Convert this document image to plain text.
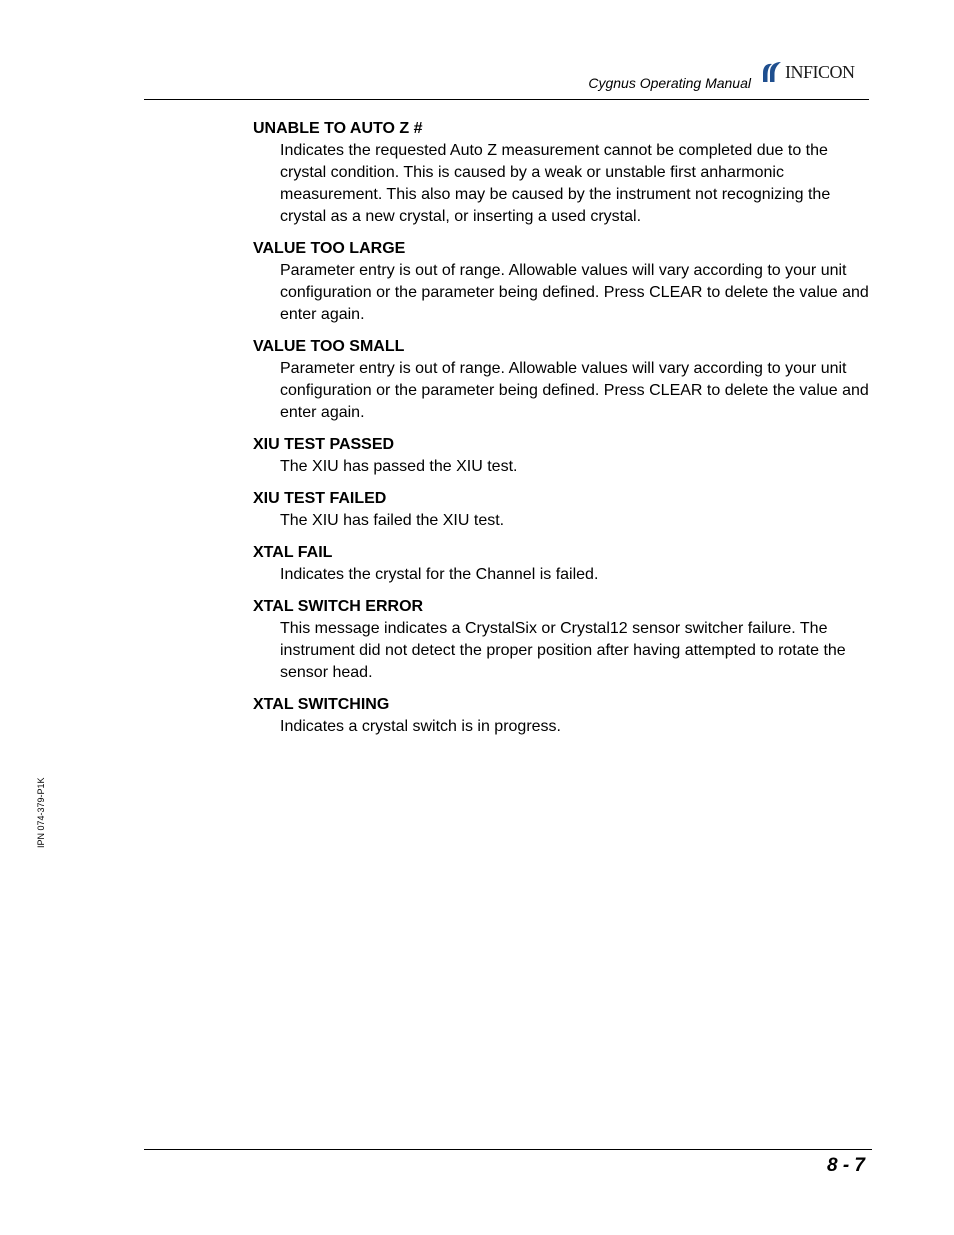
Cygnus Operating Manual
INFICON
UNABLE TO AUTO Z #
Indicates the requested Auto Z measurement cannot be completed due to the crystal condition. This is caused by a weak or unstable first anharmonic measurement. This also may be caused by the instrument not recognizing the crystal as a new crystal, or inserting a used crystal.
VALUE TOO LARGE
Parameter entry is out of range. Allowable values will vary according to your unit configuration or the parameter being defined. Press CLEAR to delete the value and enter again.
VALUE TOO SMALL
Parameter entry is out of range. Allowable values will vary according to your unit configuration or the parameter being defined. Press CLEAR to delete the value and enter again.
XIU TEST PASSED
The XIU has passed the XIU test.
XIU TEST FAILED
The XIU has failed the XIU test.
XTAL FAIL
Indicates the crystal for the Channel is failed.
XTAL SWITCH ERROR
This message indicates a CrystalSix or Crystal12 sensor switcher failure. The instrument did not detect the proper position after having attempted to rotate the sensor head.
XTAL SWITCHING
Indicates a crystal switch is in progress.
IPN 074-379-P1K
8 - 7
